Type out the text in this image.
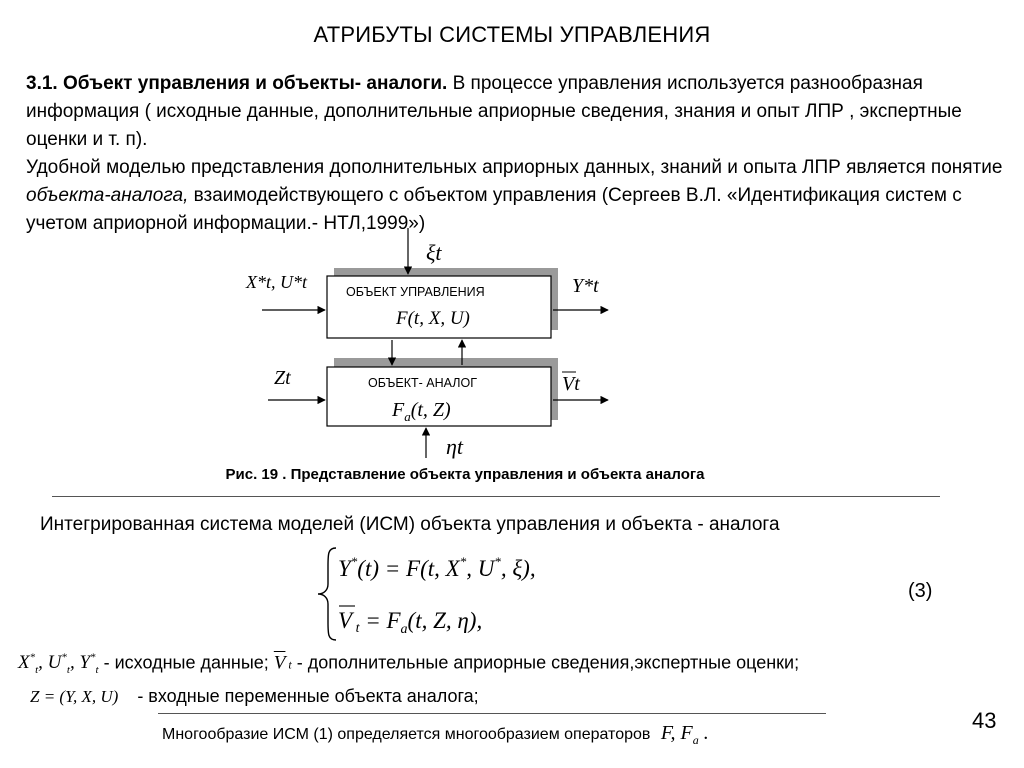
АТРИБУТЫ СИСТЕМЫ УПРАВЛЕНИЯ

3.1. Объект управления и объекты- аналоги. В процессе управления используется разнообразная информация ( исходные данные, дополнительные априорные сведения, знания и опыт ЛПР , экспертные оценки и т. п).

Удобной моделью представления дополнительных априорных данных, знаний и опыта ЛПР является понятие объекта-аналога, взаимодействующего с объектом управления (Сергеев В.Л. «Идентификация систем с учетом априорной информации.- НТЛ,1999»)

ОБЪЕКТ УПРАВЛЕНИЯ
F(t, X, U)
ОБЪЕКТ- АНАЛОГ
$F_a(t$, Z)
ξt
ηt
X*t, U*t
Zt
Y*t
Vt
Рис. 19 . Представление объекта управления и объекта аналога
Интегрированная система моделей (ИСМ) объекта управления и объекта - аналога
Y*(t) = F(t, X*, U*, ξ),
V $t = F_a(t$, Z, η),
(3)
$X^*_t$, $U^*_t$, $Y^*_t$ - исходные данные; $\overline{V}$ t - дополнительные априорные сведения,экспертные оценки;
Z = (Y, X, U) - входные переменные объекта аналога;
Многообразие ИСМ (1) определяется многообразием операторов F, $F_a$ .	43
